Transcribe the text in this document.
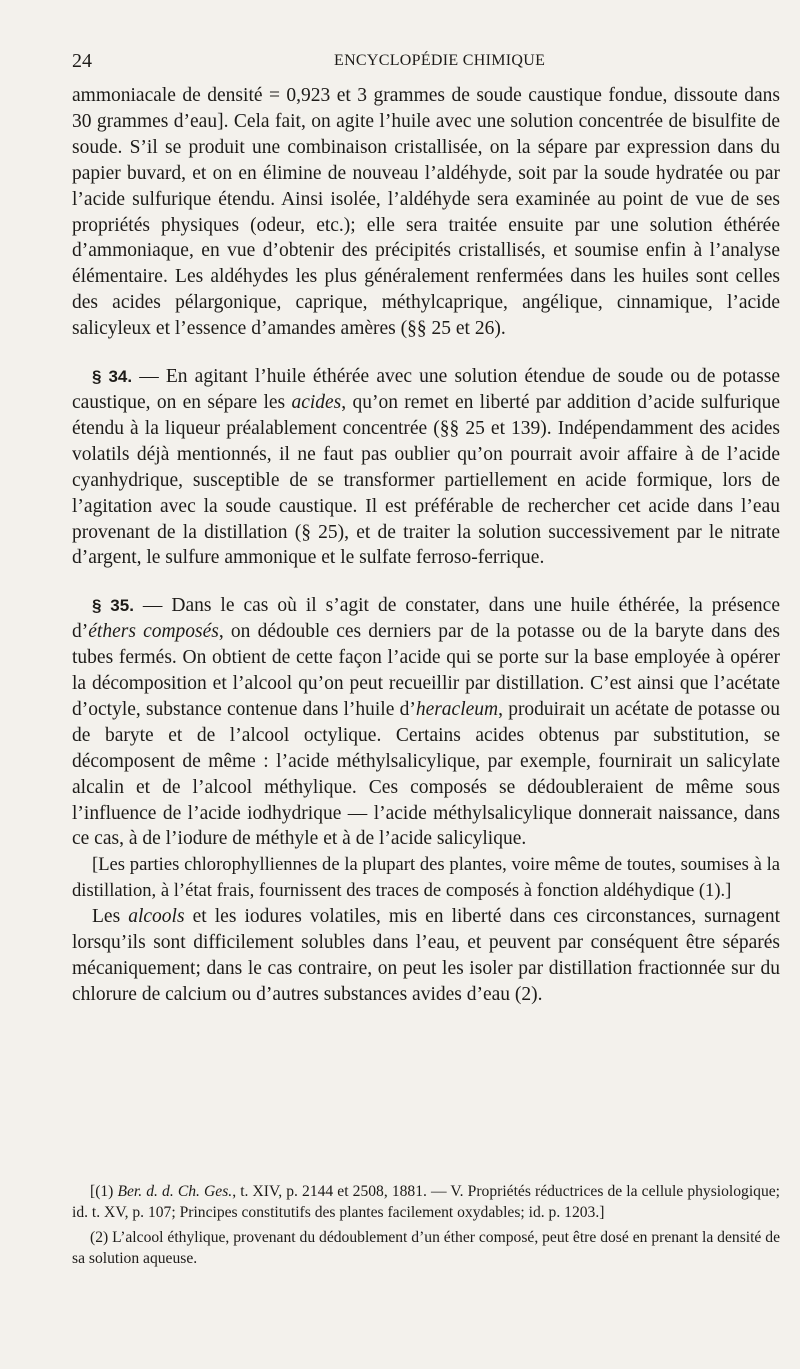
24	ENCYCLOPÉDIE CHIMIQUE

ammoniacale de densité = 0,923 et 3 grammes de soude caustique fondue, dissoute dans 30 grammes d’eau]. Cela fait, on agite l’huile avec une solution concentrée de bisulfite de soude. S’il se produit une combinaison cristallisée, on la sépare par expression dans du papier buvard, et on en élimine de nouveau l’aldéhyde, soit par la soude hydratée ou par l’acide sulfurique étendu. Ainsi isolée, l’aldéhyde sera examinée au point de vue de ses propriétés physiques (odeur, etc.); elle sera traitée ensuite par une solution éthérée d’ammoniaque, en vue d’obtenir des précipités cristallisés, et soumise enfin à l’analyse élémentaire. Les aldéhydes les plus généralement renfermées dans les huiles sont celles des acides pélargonique, caprique, méthylcaprique, angélique, cinnamique, l’acide salicyleux et l’essence d’amandes amères (§§ 25 et 26).

§ 34. — En agitant l’huile éthérée avec une solution étendue de soude ou de potasse caustique, on en sépare les acides, qu’on remet en liberté par addition d’acide sulfurique étendu à la liqueur préalablement concentrée (§§ 25 et 139). Indépendamment des acides volatils déjà mentionnés, il ne faut pas oublier qu’on pourrait avoir affaire à de l’acide cyanhydrique, susceptible de se transformer partiellement en acide formique, lors de l’agitation avec la soude caustique. Il est préférable de rechercher cet acide dans l’eau provenant de la distillation (§ 25), et de traiter la solution successivement par le nitrate d’argent, le sulfure ammonique et le sulfate ferroso-ferrique.

§ 35. — Dans le cas où il s’agit de constater, dans une huile éthérée, la présence d’éthers composés, on dédouble ces derniers par de la potasse ou de la baryte dans des tubes fermés. On obtient de cette façon l’acide qui se porte sur la base employée à opérer la décomposition et l’alcool qu’on peut recueillir par distillation. C’est ainsi que l’acétate d’octyle, substance contenue dans l’huile d’heracleum, produirait un acétate de potasse ou de baryte et de l’alcool octylique. Certains acides obtenus par substitution, se décomposent de même : l’acide méthylsalicylique, par exemple, fournirait un salicylate alcalin et de l’alcool méthylique. Ces composés se dédoubleraient de même sous l’influence de l’acide iodhydrique — l’acide méthylsalicylique donnerait naissance, dans ce cas, à de l’iodure de méthyle et à de l’acide salicylique.

[Les parties chlorophylliennes de la plupart des plantes, voire même de toutes, soumises à la distillation, à l’état frais, fournissent des traces de composés à fonction aldéhydique (1).]

Les alcools et les iodures volatiles, mis en liberté dans ces circonstances, surnagent lorsqu’ils sont difficilement solubles dans l’eau, et peuvent par conséquent être séparés mécaniquement; dans le cas contraire, on peut les isoler par distillation fractionnée sur du chlorure de calcium ou d’autres substances avides d’eau (2).

[(1) Ber. d. d. Ch. Ges., t. XIV, p. 2144 et 2508, 1881. — V. Propriétés réductrices de la cellule physiologique; id. t. XV, p. 107; Principes constitutifs des plantes facilement oxydables; id. p. 1203.]

(2) L’alcool éthylique, provenant du dédoublement d’un éther composé, peut être dosé en prenant la densité de sa solution aqueuse.
